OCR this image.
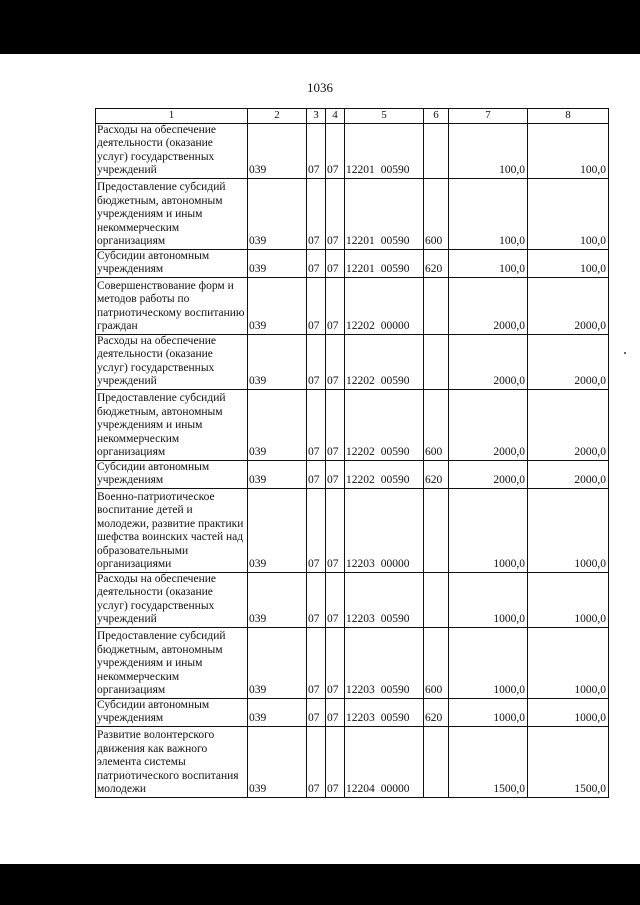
1036
1	2	3	4	5	6	7	8
Расходы на обеспечение деятельности (оказание услуг) государственных учреждений	039	07	07	12201 00590		100,0	100,0
Предоставление субсидий бюджетным, автономным учреждениям и иным некоммерческим организациям	039	07	07	12201 00590	600	100,0	100,0
Субсидии автономным учреждениям	039	07	07	12201 00590	620	100,0	100,0
Совершенствование форм и методов работы по патриотическому воспитанию граждан	039	07	07	12202 00000		2000,0	2000,0
Расходы на обеспечение деятельности (оказание услуг) государственных учреждений	039	07	07	12202 00590		2000,0	2000,0
Предоставление субсидий бюджетным, автономным учреждениям и иным некоммерческим организациям	039	07	07	12202 00590	600	2000,0	2000,0
Субсидии автономным учреждениям	039	07	07	12202 00590	620	2000,0	2000,0
Военно-патриотическое воспитание детей и молодежи, развитие практики шефства воинских частей над образовательными организациями	039	07	07	12203 00000		1000,0	1000,0
Расходы на обеспечение деятельности (оказание услуг) государственных учреждений	039	07	07	12203 00590		1000,0	1000,0
Предоставление субсидий бюджетным, автономным учреждениям и иным некоммерческим организациям	039	07	07	12203 00590	600	1000,0	1000,0
Субсидии автономным учреждениям	039	07	07	12203 00590	620	1000,0	1000,0
Развитие волонтерского движения как важного элемента системы патриотического воспитания молодежи	039	07	07	12204 00000		1500,0	1500,0
